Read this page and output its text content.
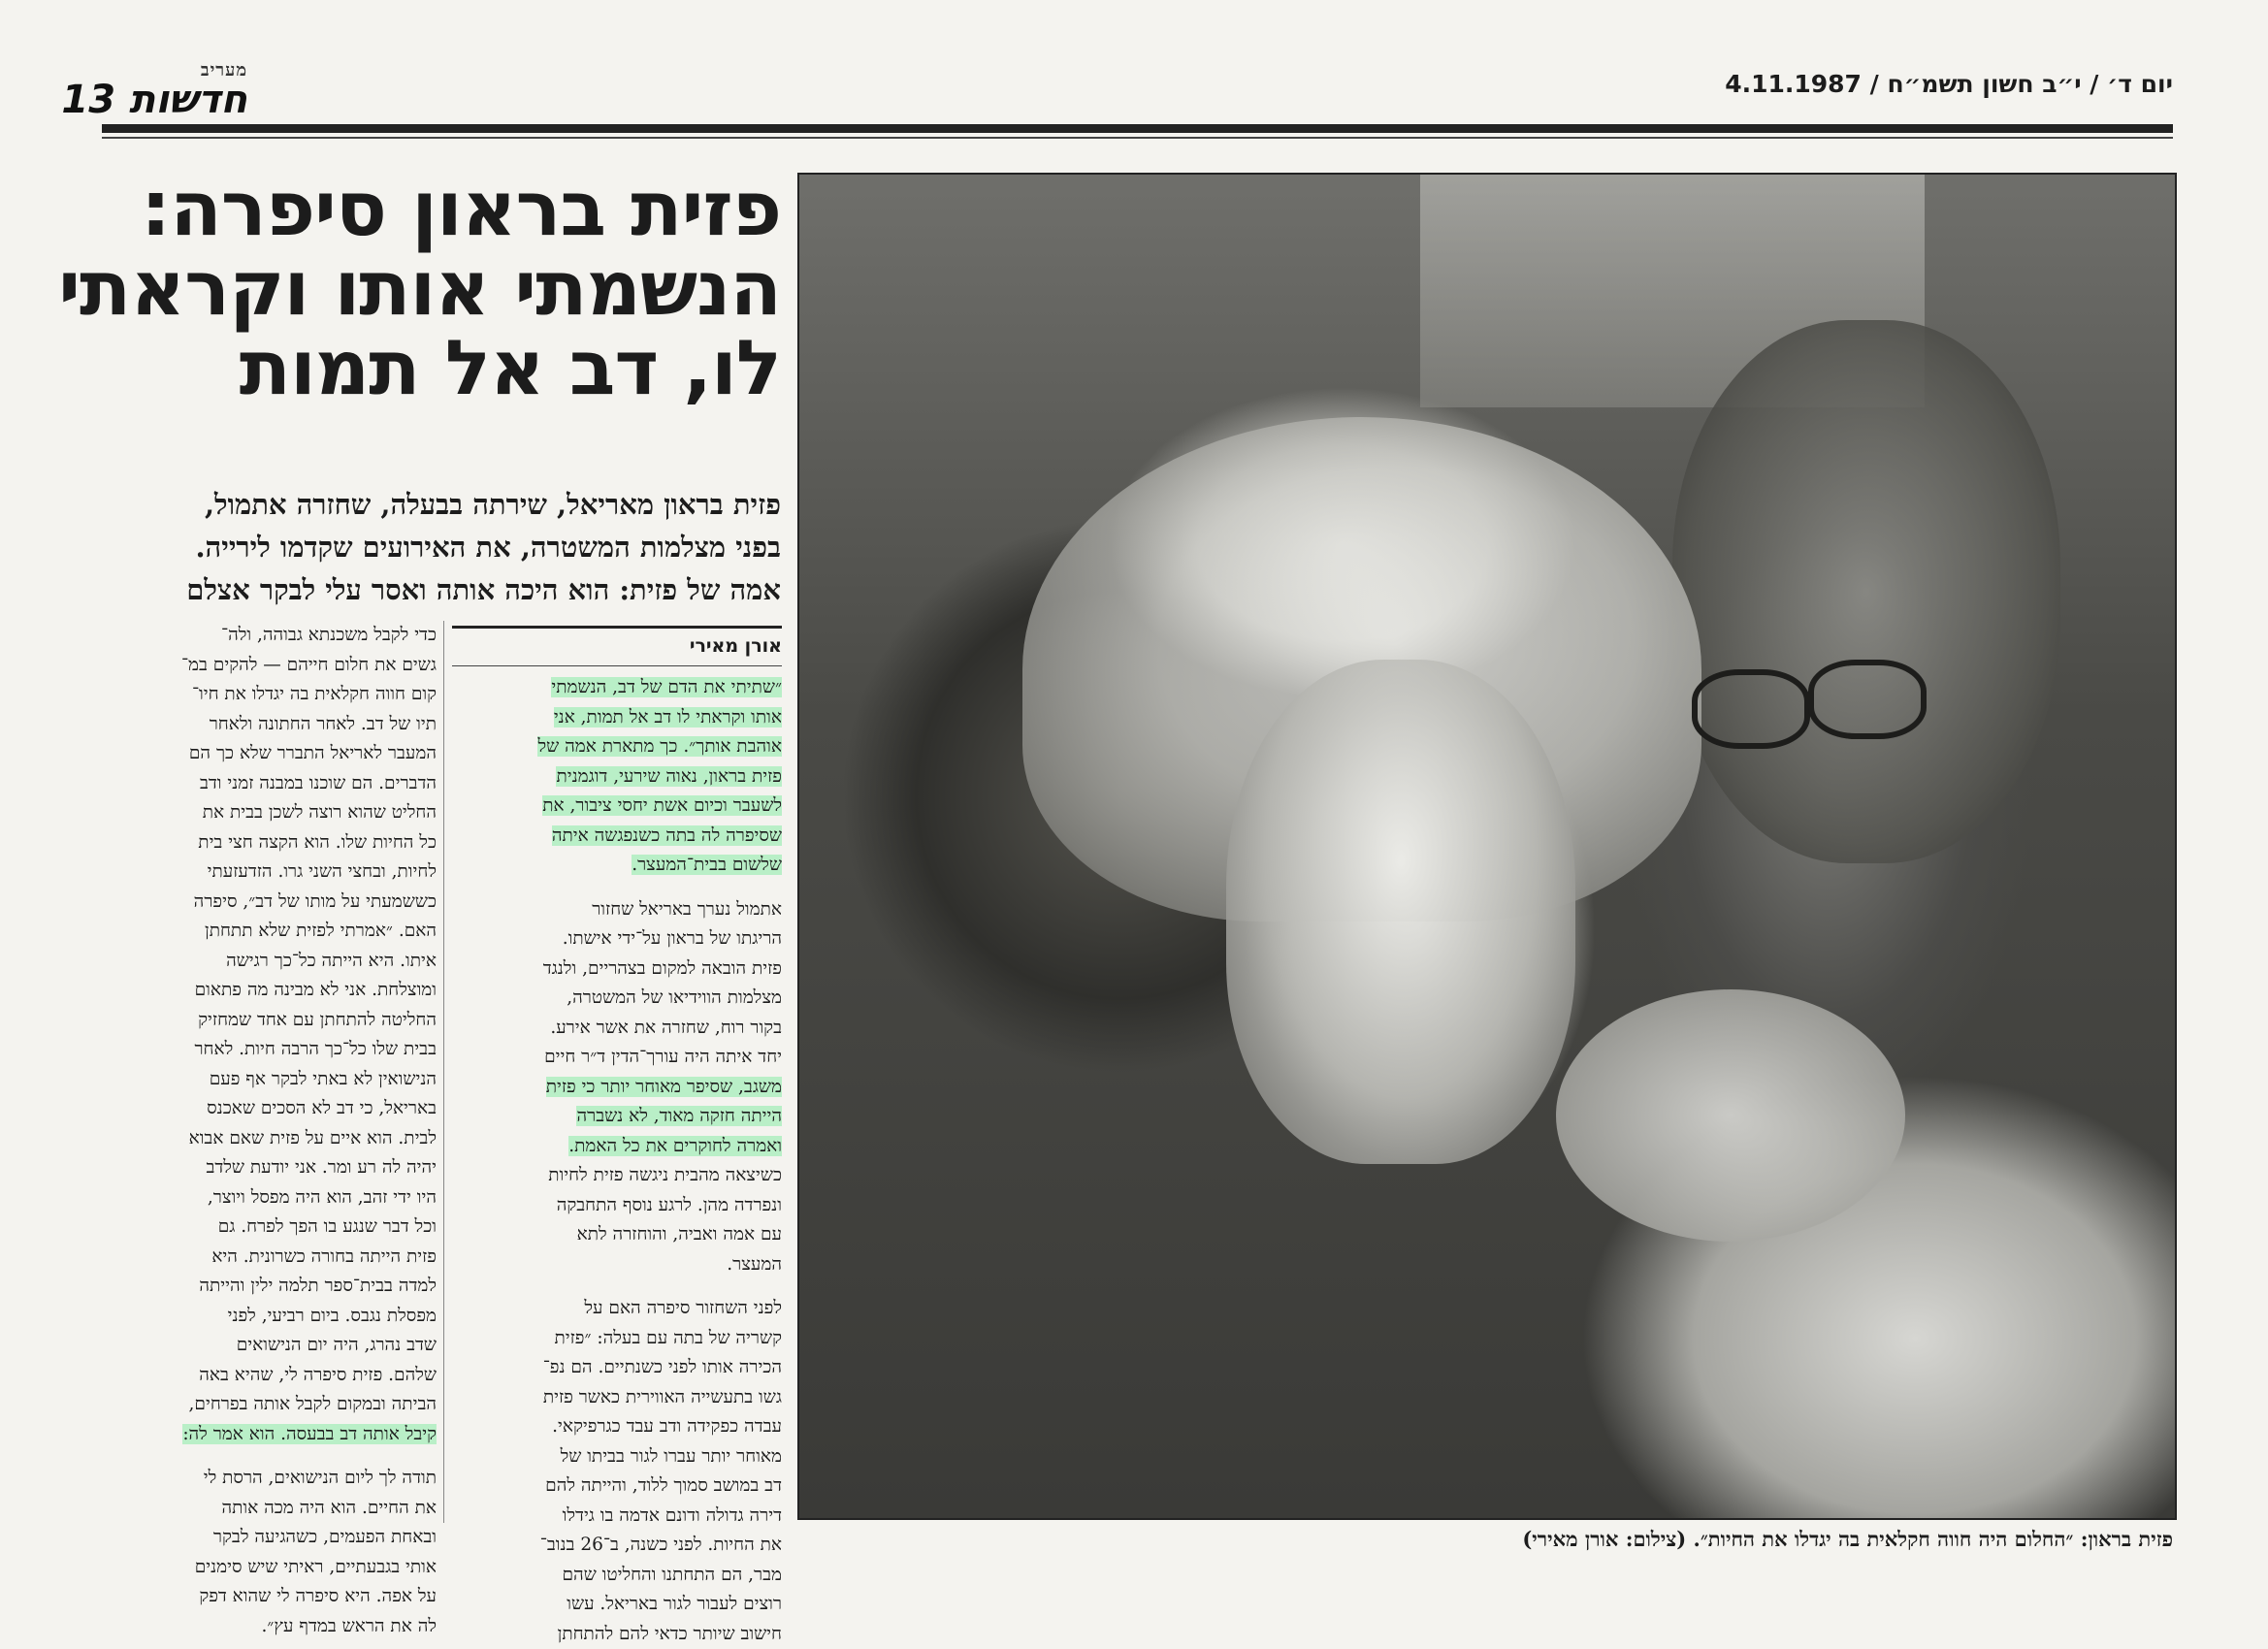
מעריב
חדשות 13	יום ד׳ / י״ב חשון תשמ״ח / 4.11.1987
פזית בראון סיפרה:
הנשמתי אותו וקראתי
לו, דב אל תמות
פזית בראון מאריאל, שירתה בבעלה, שחזרה אתמול,
בפני מצלמות המשטרה, את האירועים שקדמו לירייה.
אמה של פזית: הוא היכה אותה ואסר עלי לבקר אצלם
אורן מאירי
״שתיתי את הדם של דב, הנשמתי
אותו וקראתי לו דב אל תמות, אני
אוהבת אותך״. כך מתארת אמה של
פזית בראון, נאוה שירעי, דוגמנית
לשעבר וכיום אשת יחסי ציבור, את
שסיפרה לה בתה כשנפגשה איתה
שלשום בבית־המעצר.
אתמול נערך באריאל שחזור
הריגתו של בראון על־ידי אישתו.
פזית הובאה למקום בצהריים, ולנגד
מצלמות הווידיאו של המשטרה,
בקור רוח, שחזרה את אשר אירע.
יחד איתה היה עורך־הדין ד״ר חיים
משגב, שסיפר מאוחר יותר כי פזית
הייתה חזקה מאוד, לא נשברה
ואמרה לחוקרים את כל האמת.
כשיצאה מהבית ניגשה פזית לחיות
ונפרדה מהן. לרגע נוסף התחבקה
עם אמה ואביה, והוחזרה לתא
המעצר.
לפני השחזור סיפרה האם על
קשריה של בתה עם בעלה: ״פזית
הכירה אותו לפני כשנתיים. הם נפ־
גשו בתעשייה האווירית כאשר פזית
עבדה כפקידה ודב עבד כגרפיקאי.
מאוחר יותר עברו לגור בביתו של
דב במושב סמוך ללוד, והייתה להם
דירה גדולה ודונם אדמה בו גידלו
את החיות. לפני כשנה, ב־26 בנוב־
מבר, הם התחתנו והחליטו שהם
רוצים לעבור לגור באריאל. עשו
חישוב שיותר כדאי להם להתחתן
כדי לקבל משכנתא גבוהה, ולה־
גשים את חלום חייהם — להקים במ־
קום חווה חקלאית בה יגדלו את חיו־
תיו של דב. לאחר החתונה ולאחר
המעבר לאריאל התברר שלא כך הם
הדברים. הם שוכנו במבנה זמני ודב
החליט שהוא רוצה לשכן בבית את
כל החיות שלו. הוא הקצה חצי בית
לחיות, ובחצי השני גרו. הזדעזעתי
כששמעתי על מותו של דב״, סיפרה
האם. ״אמרתי לפזית שלא תתחתן
איתו. היא הייתה כל־כך רגישה
ומוצלחת. אני לא מבינה מה פתאום
החליטה להתחתן עם אחד שמחזיק
בבית שלו כל־כך הרבה חיות. לאחר
הנישואין לא באתי לבקר אף פעם
באריאל, כי דב לא הסכים שאכנס
לבית. הוא איים על פזית שאם אבוא
יהיה לה רע ומר. אני יודעת שלדב
היו ידי זהב, הוא היה מפסל ויוצר,
וכל דבר שנגע בו הפך לפרח. גם
פזית הייתה בחורה כשרונית. היא
למדה בבית־ספר תלמה ילין והייתה
מפסלת נגבס. ביום רביעי, לפני
שדב נהרג, היה יום הנישואים
שלהם. פזית סיפרה לי, שהיא באה
הביתה ובמקום לקבל אותה בפרחים,
קיבל אותה דב בבעסה. הוא אמר לה:
תודה לך ליום הנישואים, הרסת לי
את החיים. הוא היה מכה אותה
ובאחת הפעמים, כשהגיעה לבקר
אותי בגבעתיים, ראיתי שיש סימנים
על אפה. היא סיפרה לי שהוא דפק
לה את הראש במדף עץ״.
פזית בראון: ״החלום היה חווה חקלאית בה יגדלו את החיות״. (צילום: אורן מאירי)
